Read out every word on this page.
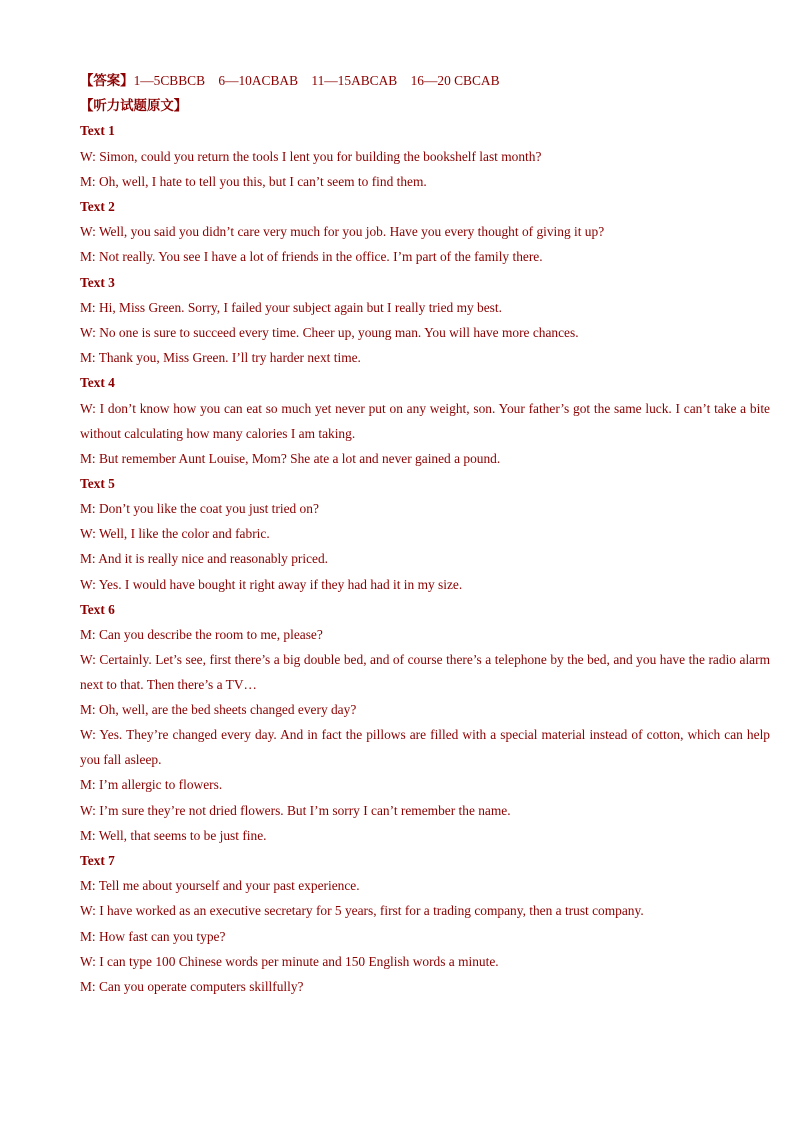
【答案】1—5CBBCB    6—10ACBAB    11—15ABCAB    16—20 CBCAB
【听力试题原文】
Text 1
W: Simon, could you return the tools I lent you for building the bookshelf last month?
M: Oh, well, I hate to tell you this, but I can’t seem to find them.
Text 2
W: Well, you said you didn’t care very much for you job. Have you every thought of giving it up?
M: Not really. You see I have a lot of friends in the office. I’m part of the family there.
Text 3
M: Hi, Miss Green. Sorry, I failed your subject again but I really tried my best.
W: No one is sure to succeed every time. Cheer up, young man. You will have more chances.
M: Thank you, Miss Green. I’ll try harder next time.
Text 4
W: I don’t know how you can eat so much yet never put on any weight, son. Your father’s got the same luck. I can’t take a bite without calculating how many calories I am taking.
M: But remember Aunt Louise, Mom? She ate a lot and never gained a pound.
Text 5
M: Don’t you like the coat you just tried on?
W: Well, I like the color and fabric.
M: And it is really nice and reasonably priced.
W: Yes. I would have bought it right away if they had had it in my size.
Text 6
M: Can you describe the room to me, please?
W: Certainly. Let’s see, first there’s a big double bed, and of course there’s a telephone by the bed, and you have the radio alarm next to that. Then there’s a TV…
M: Oh, well, are the bed sheets changed every day?
W: Yes. They’re changed every day. And in fact the pillows are filled with a special material instead of cotton, which can help you fall asleep.
M: I’m allergic to flowers.
W: I’m sure they’re not dried flowers. But I’m sorry I can’t remember the name.
M: Well, that seems to be just fine.
Text 7
M: Tell me about yourself and your past experience.
W: I have worked as an executive secretary for 5 years, first for a trading company, then a trust company.
M: How fast can you type?
W: I can type 100 Chinese words per minute and 150 English words a minute.
M: Can you operate computers skillfully?
